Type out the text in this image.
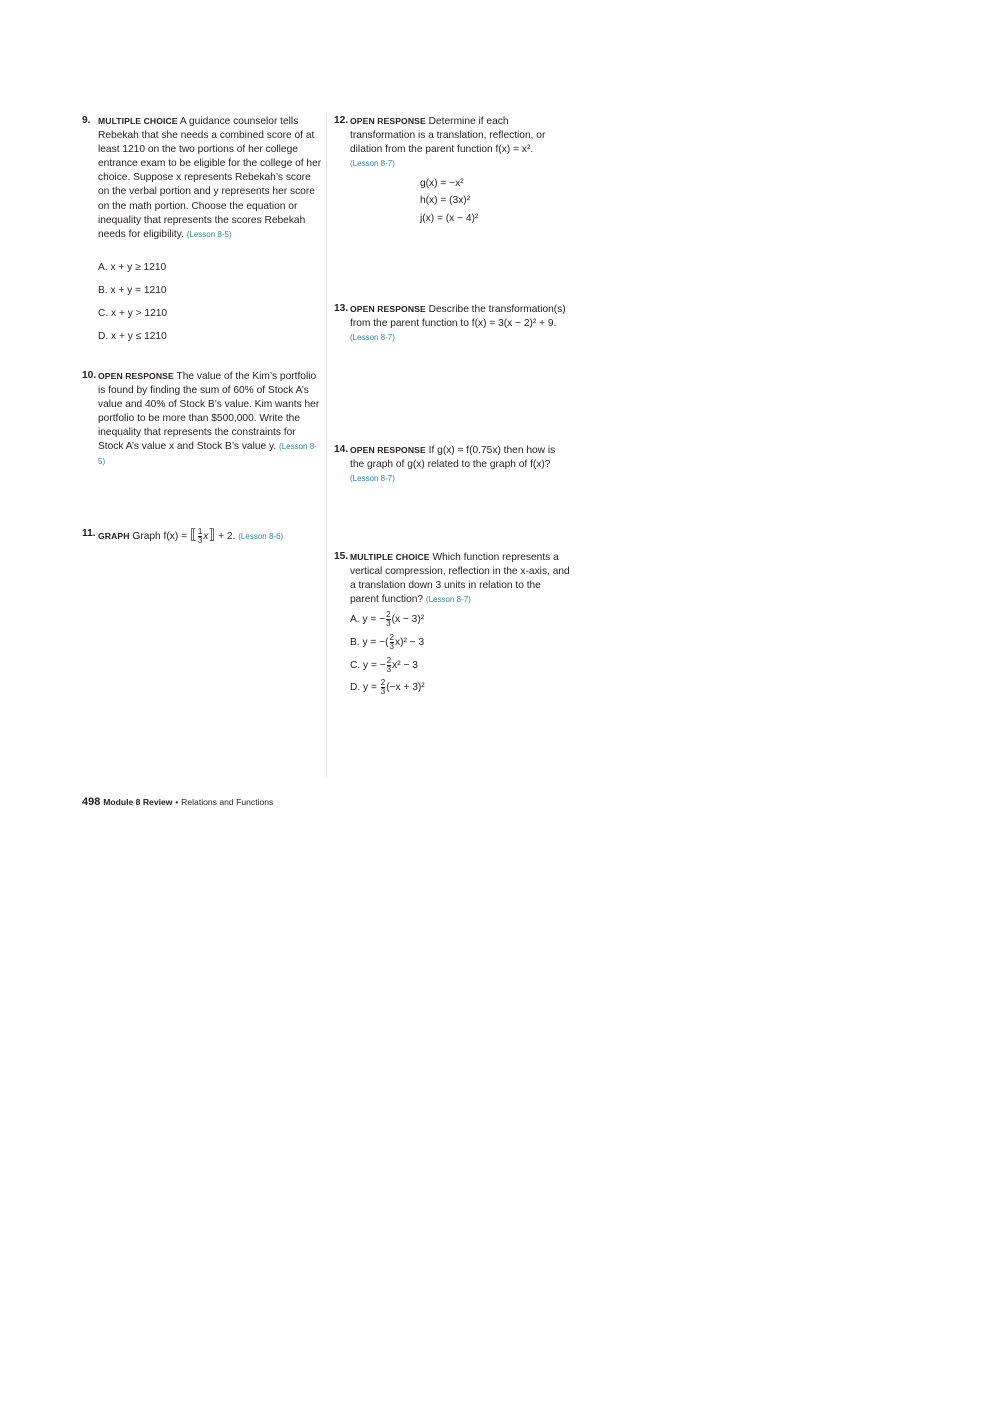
9. MULTIPLE CHOICE A guidance counselor tells Rebekah that she needs a combined score of at least 1210 on the two portions of her college entrance exam to be eligible for the college of her choice. Suppose x represents Rebekah’s score on the verbal portion and y represents her score on the math portion. Choose the equation or inequality that represents the scores Rebekah needs for eligibility. (Lesson 8-5)
A. x + y ≥ 1210
B. x + y = 1210
C. x + y > 1210
D. x + y ≤ 1210
10. OPEN RESPONSE The value of the Kim’s portfolio is found by finding the sum of 60% of Stock A’s value and 40% of Stock B’s value. Kim wants her portfolio to be more than $500,000. Write the inequality that represents the constraints for Stock A’s value x and Stock B’s value y. (Lesson 8-5)
11. GRAPH Graph f(x) = ⟦ $\frac{1}{3}$ x⟧ + 2. (Lesson 8-6)
12. OPEN RESPONSE Determine if each transformation is a translation, reflection, or dilation from the parent function f(x) = x².
(Lesson 8-7)
g(x) = −x²
h(x) = (3x)²
j(x) = (x − 4)²
13. OPEN RESPONSE Describe the transformation(s) from the parent function to f(x) = 3(x − 2)² + 9. (Lesson 8-7)
14. OPEN RESPONSE If g(x) = f(0.75x) then how is the graph of g(x) related to the graph of f(x)? (Lesson 8-7)
15. MULTIPLE CHOICE Which function represents a vertical compression, reflection in the x-axis, and a translation down 3 units in relation to the parent function? (Lesson 8-7)
A. y = − $\frac{2}{3} (x - 3)^2$
B. y = −( $\frac{2}{3} x)^2 - 3$
C. y = − $\frac{2}{3} x^2 - 3$
D. $y = \frac{2}{3} (-x + 3)^2$
498 Module 8 Review • Relations and Functions
